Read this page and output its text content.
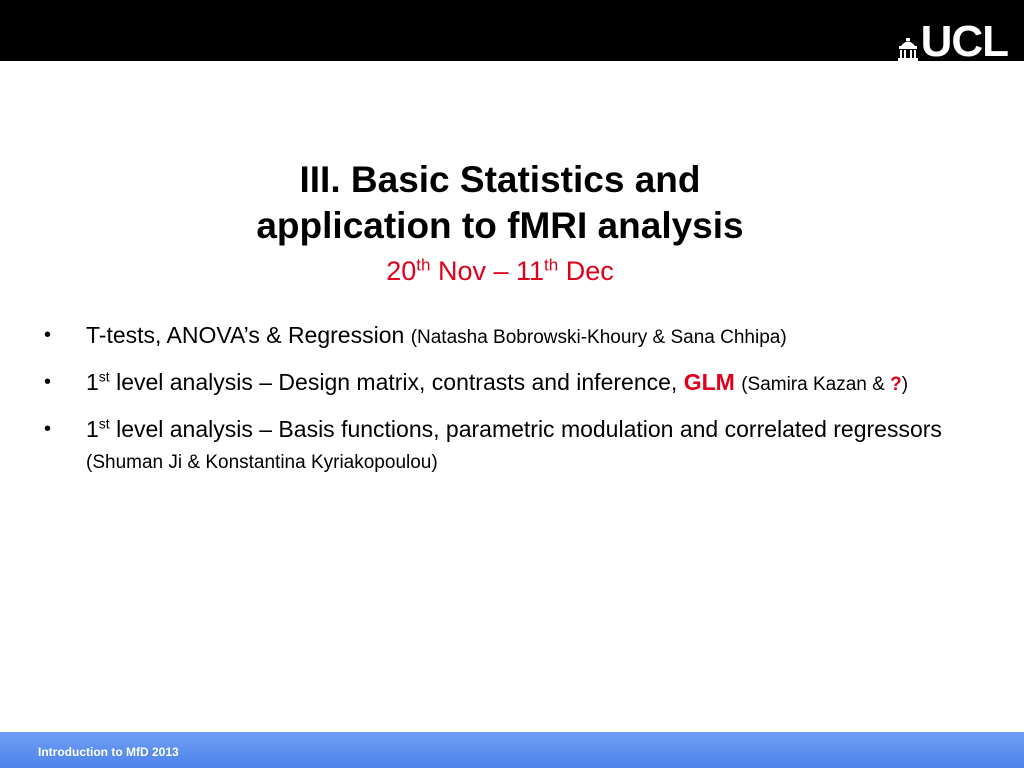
UCL
III. Basic Statistics and
application to fMRI analysis
20th Nov – 11th Dec
• T-tests, ANOVA’s & Regression (Natasha Bobrowski-Khoury & Sana Chhipa)
• 1st level analysis – Design matrix, contrasts and inference, GLM (Samira Kazan & ?)
• 1st level analysis – Basis functions, parametric modulation and correlated regressors (Shuman Ji & Konstantina Kyriakopoulou)
Introduction to MfD 2013
